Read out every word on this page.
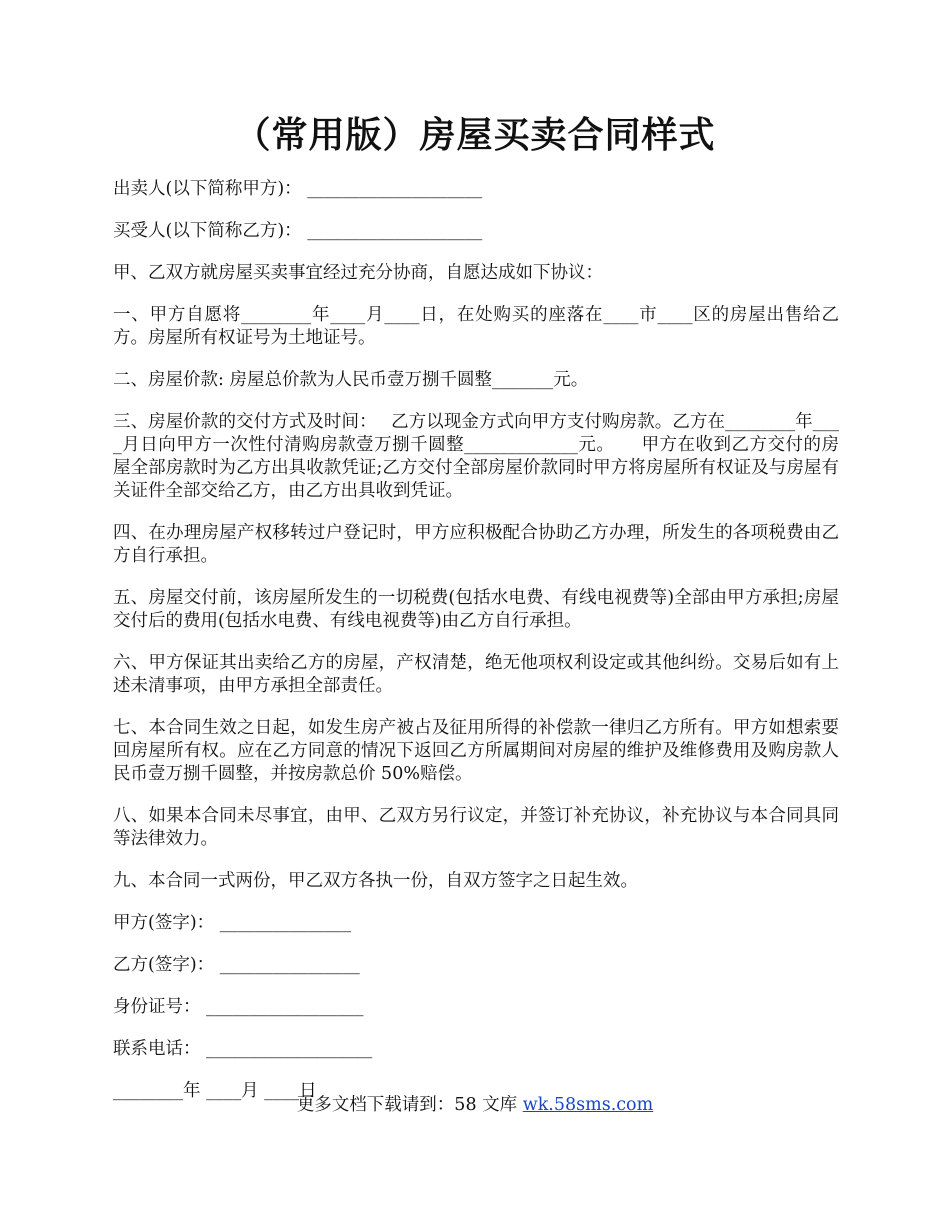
（常用版）房屋买卖合同样式

出卖人(以下简称甲方)： ____________________

买受人(以下简称乙方)： ____________________

甲、乙双方就房屋买卖事宜经过充分协商，自愿达成如下协议：

一、甲方自愿将________年____月____日，在处购买的座落在____市____区的房屋出售给乙方。房屋所有权证号为土地证号。

二、房屋价款: 房屋总价款为人民币壹万捌千圆整_______元。

三、房屋价款的交付方式及时间：　 乙方以现金方式向甲方支付购房款。乙方在________年____月日向甲方一次性付清购房款壹万捌千圆整_____________元。　　甲方在收到乙方交付的房屋全部房款时为乙方出具收款凭证;乙方交付全部房屋价款同时甲方将房屋所有权证及与房屋有关证件全部交给乙方，由乙方出具收到凭证。

四、在办理房屋产权移转过户登记时，甲方应积极配合协助乙方办理，所发生的各项税费由乙方自行承担。

五、房屋交付前，该房屋所发生的一切税费(包括水电费、有线电视费等)全部由甲方承担;房屋交付后的费用(包括水电费、有线电视费等)由乙方自行承担。

六、甲方保证其出卖给乙方的房屋，产权清楚，绝无他项权利设定或其他纠纷。交易后如有上述未清事项，由甲方承担全部责任。

七、本合同生效之日起，如发生房产被占及征用所得的补偿款一律归乙方所有。甲方如想索要回房屋所有权。应在乙方同意的情况下返回乙方所属期间对房屋的维护及维修费用及购房款人民币壹万捌千圆整，并按房款总价 50%赔偿。

八、如果本合同未尽事宜，由甲、乙双方另行议定，并签订补充协议，补充协议与本合同具同等法律效力。

九、本合同一式两份，甲乙双方各执一份，自双方签字之日起生效。

甲方(签字)： _______________

乙方(签字)： ________________

身份证号： __________________

联系电话： ___________________

________年 ____月 ____日

更多文档下载请到：58 文库 wk.58sms.com
